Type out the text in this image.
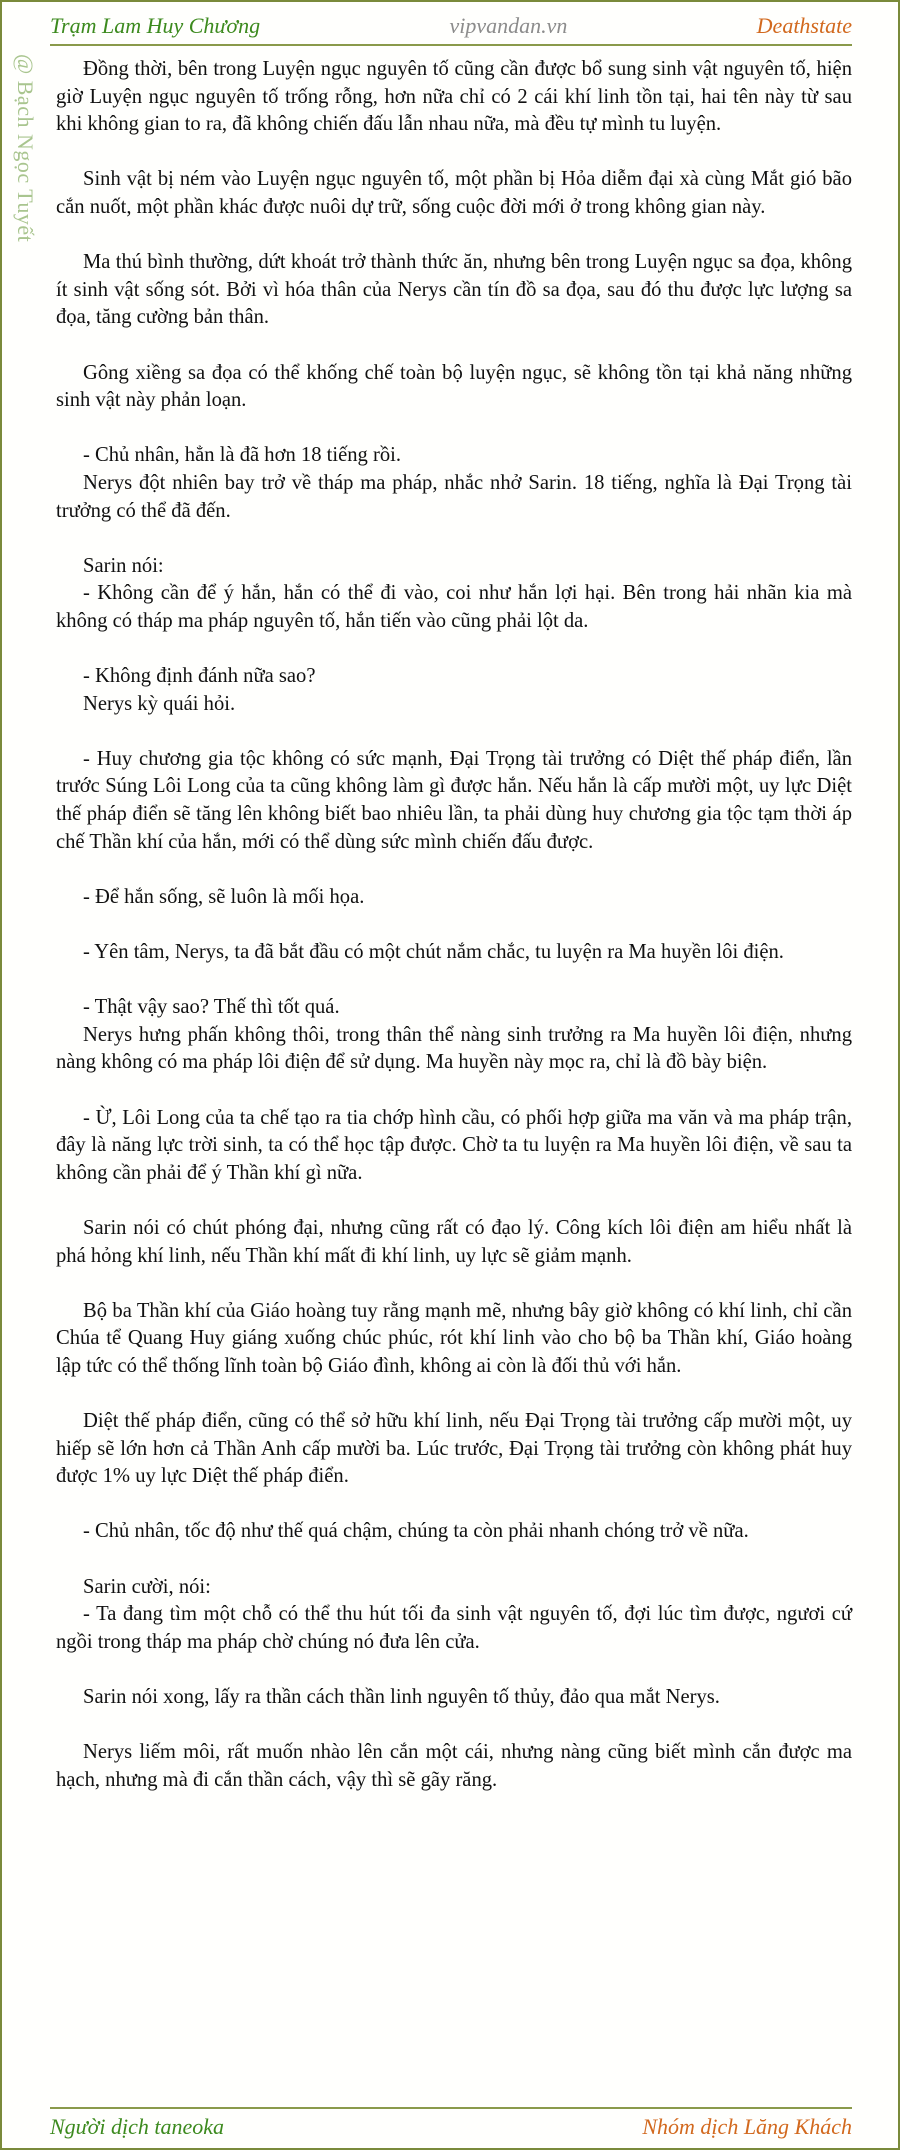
Trạm Lam Huy Chương	vipvandan.vn	Deathstate
@ Bạch Ngọc Tuyết	Đồng thời, bên trong Luyện ngục nguyên tố cũng cần được bổ sung sinh vật nguyên tố, hiện giờ Luyện ngục nguyên tố trống rỗng, hơn nữa chỉ có 2 cái khí linh tồn tại, hai tên này từ sau khi không gian to ra, đã không chiến đấu lẫn nhau nữa, mà đều tự mình tu luyện.

Sinh vật bị ném vào Luyện ngục nguyên tố, một phần bị Hỏa diễm đại xà cùng Mắt gió bão cắn nuốt, một phần khác được nuôi dự trữ, sống cuộc đời mới ở trong không gian này.

Ma thú bình thường, dứt khoát trở thành thức ăn, nhưng bên trong Luyện ngục sa đọa, không ít sinh vật sống sót. Bởi vì hóa thân của Nerys cần tín đồ sa đọa, sau đó thu được lực lượng sa đọa, tăng cường bản thân.

Gông xiềng sa đọa có thể khống chế toàn bộ luyện ngục, sẽ không tồn tại khả năng những sinh vật này phản loạn.

- Chủ nhân, hẳn là đã hơn 18 tiếng rồi.

Nerys đột nhiên bay trở về tháp ma pháp, nhắc nhở Sarin. 18 tiếng, nghĩa là Đại Trọng tài trưởng có thể đã đến.

Sarin nói:

- Không cần để ý hắn, hắn có thể đi vào, coi như hắn lợi hại. Bên trong hải nhãn kia mà không có tháp ma pháp nguyên tố, hắn tiến vào cũng phải lột da.

- Không định đánh nữa sao?

Nerys kỳ quái hỏi.

- Huy chương gia tộc không có sức mạnh, Đại Trọng tài trưởng có Diệt thế pháp điển, lần trước Súng Lôi Long của ta cũng không làm gì được hắn. Nếu hắn là cấp mười một, uy lực Diệt thế pháp điển sẽ tăng lên không biết bao nhiêu lần, ta phải dùng huy chương gia tộc tạm thời áp chế Thần khí của hắn, mới có thể dùng sức mình chiến đấu được.

- Để hắn sống, sẽ luôn là mối họa.

- Yên tâm, Nerys, ta đã bắt đầu có một chút nắm chắc, tu luyện ra Ma huyền lôi điện.

- Thật vậy sao? Thế thì tốt quá.

Nerys hưng phấn không thôi, trong thân thể nàng sinh trưởng ra Ma huyền lôi điện, nhưng nàng không có ma pháp lôi điện để sử dụng. Ma huyền này mọc ra, chỉ là đồ bày biện.

- Ừ, Lôi Long của ta chế tạo ra tia chớp hình cầu, có phối hợp giữa ma văn và ma pháp trận, đây là năng lực trời sinh, ta có thể học tập được. Chờ ta tu luyện ra Ma huyền lôi điện, về sau ta không cần phải để ý Thần khí gì nữa.

Sarin nói có chút phóng đại, nhưng cũng rất có đạo lý. Công kích lôi điện am hiểu nhất là phá hỏng khí linh, nếu Thần khí mất đi khí linh, uy lực sẽ giảm mạnh.

Bộ ba Thần khí của Giáo hoàng tuy rằng mạnh mẽ, nhưng bây giờ không có khí linh, chỉ cần Chúa tể Quang Huy giáng xuống chúc phúc, rót khí linh vào cho bộ ba Thần khí, Giáo hoàng lập tức có thể thống lĩnh toàn bộ Giáo đình, không ai còn là đối thủ với hắn.

Diệt thế pháp điển, cũng có thể sở hữu khí linh, nếu Đại Trọng tài trưởng cấp mười một, uy hiếp sẽ lớn hơn cả Thần Anh cấp mười ba. Lúc trước, Đại Trọng tài trưởng còn không phát huy được 1% uy lực Diệt thế pháp điển.

- Chủ nhân, tốc độ như thế quá chậm, chúng ta còn phải nhanh chóng trở về nữa.

Sarin cười, nói:

- Ta đang tìm một chỗ có thể thu hút tối đa sinh vật nguyên tố, đợi lúc tìm được, ngươi cứ ngồi trong tháp ma pháp chờ chúng nó đưa lên cửa.

Sarin nói xong, lấy ra thần cách thần linh nguyên tố thủy, đảo qua mắt Nerys.

Nerys liếm môi, rất muốn nhào lên cắn một cái, nhưng nàng cũng biết mình cắn được ma hạch, nhưng mà đi cắn thần cách, vậy thì sẽ gãy răng.

Người dịch taneoka	Nhóm dịch Lăng Khách
